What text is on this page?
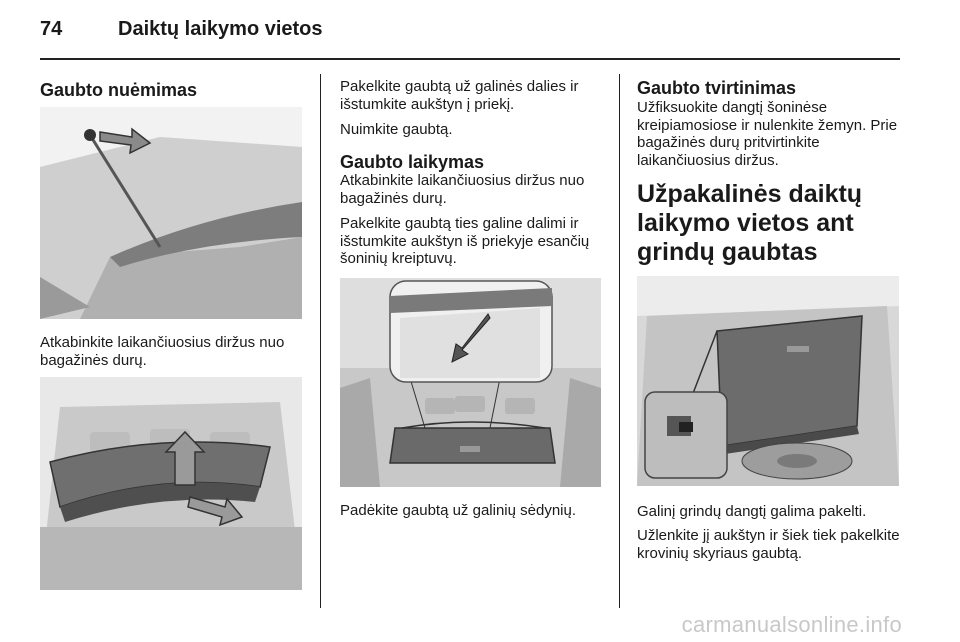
74	Daiktų laikymo vietos
Gaubto nuėmimas
Atkabinkite laikančiuosius diržus nuo bagažinės durų.
Pakelkite gaubtą už galinės dalies ir išstumkite aukštyn į priekį.
Nuimkite gaubtą.
Gaubto laikymas
Atkabinkite laikančiuosius diržus nuo bagažinės durų.
Pakelkite gaubtą ties galine dalimi ir išstumkite aukštyn iš priekyje esančių šoninių kreiptuvų.
Padėkite gaubtą už galinių sėdynių.
Gaubto tvirtinimas
Užfiksuokite dangtį šoninėse kreipiamosiose ir nulenkite žemyn. Prie bagažinės durų pritvirtinkite laikančiuosius diržus.
Užpakalinės daiktų laikymo vietos ant grindų gaubtas
Galinį grindų dangtį galima pakelti.
Užlenkite jį aukštyn ir šiek tiek pakelkite krovinių skyriaus gaubtą.
carmanualsonline.info
